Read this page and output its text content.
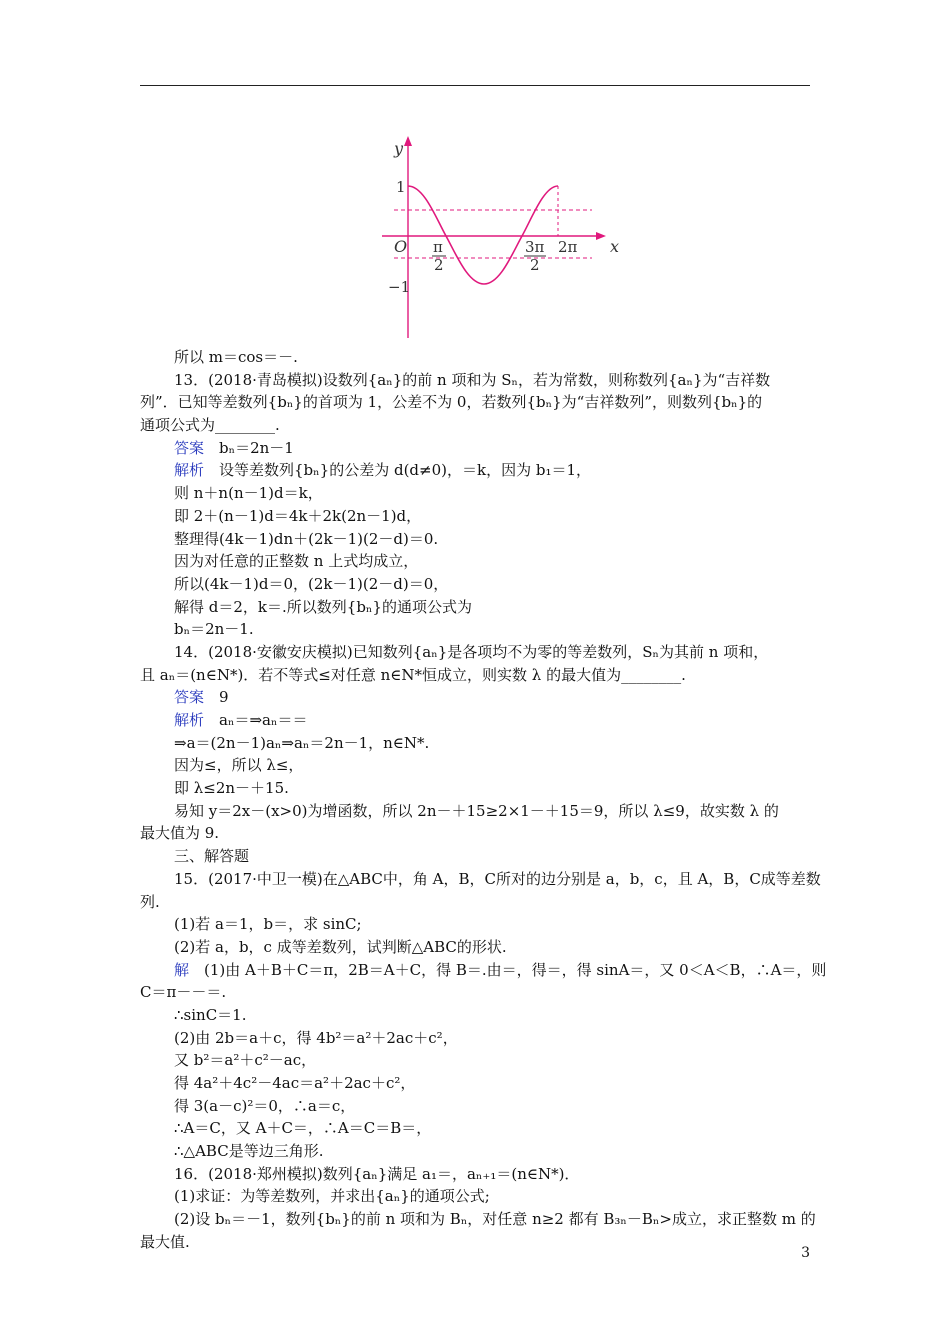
y
x
O
1
−1
π
2
3π
2
2π
所以 m＝cos＝－.
13．(2018·青岛模拟)设数列{aₙ}的前 n 项和为 Sₙ，若为常数，则称数列{aₙ}为“吉祥数
列”．已知等差数列{bₙ}的首项为 1，公差不为 0，若数列{bₙ}为“吉祥数列”，则数列{bₙ}的
通项公式为________.
答案　bₙ＝2n－1
解析　设等差数列{bₙ}的公差为 d(d≠0)，＝k，因为 b₁＝1，
则 n＋n(n－1)d＝k，
即 2＋(n－1)d＝4k＋2k(2n－1)d，
整理得(4k－1)dn＋(2k－1)(2－d)＝0.
因为对任意的正整数 n 上式均成立，
所以(4k－1)d＝0，(2k－1)(2－d)＝0，
解得 d＝2，k＝.所以数列{bₙ}的通项公式为
bₙ＝2n－1.
14．(2018·安徽安庆模拟)已知数列{aₙ}是各项均不为零的等差数列，Sₙ为其前 n 项和，
且 aₙ＝(n∈N*)．若不等式≤对任意 n∈N*恒成立，则实数 λ 的最大值为________.
答案　9
解析　aₙ＝⇒aₙ＝＝
⇒a＝(2n－1)aₙ⇒aₙ＝2n－1，n∈N*.
因为≤，所以 λ≤，
即 λ≤2n－＋15.
易知 y＝2x－(x>0)为增函数，所以 2n－＋15≥2×1－＋15＝9，所以 λ≤9，故实数 λ 的
最大值为 9.
三、解答题
15．(2017·中卫一模)在△ABC中，角 A，B，C所对的边分别是 a，b，c，且 A，B，C成等差数
列.
(1)若 a＝1，b＝，求 sinC;
(2)若 a，b，c 成等差数列，试判断△ABC的形状.
解　(1)由 A＋B＋C＝π，2B＝A＋C，得 B＝.由＝，得＝，得 sinA＝，又 0＜A＜B，∴A＝，则
C＝π－－＝.
∴sinC＝1.
(2)由 2b＝a＋c，得 4b²＝a²＋2ac＋c²，
又 b²＝a²＋c²－ac，
得 4a²＋4c²－4ac＝a²＋2ac＋c²，
得 3(a－c)²＝0，∴a＝c，
∴A＝C，又 A＋C＝，∴A＝C＝B＝，
∴△ABC是等边三角形.
16．(2018·郑州模拟)数列{aₙ}满足 a₁＝，aₙ₊₁＝(n∈N*)．
(1)求证：为等差数列，并求出{aₙ}的通项公式;
(2)设 bₙ＝－1，数列{bₙ}的前 n 项和为 Bₙ，对任意 n≥2 都有 B₃ₙ－Bₙ>成立，求正整数 m 的
最大值.
3
